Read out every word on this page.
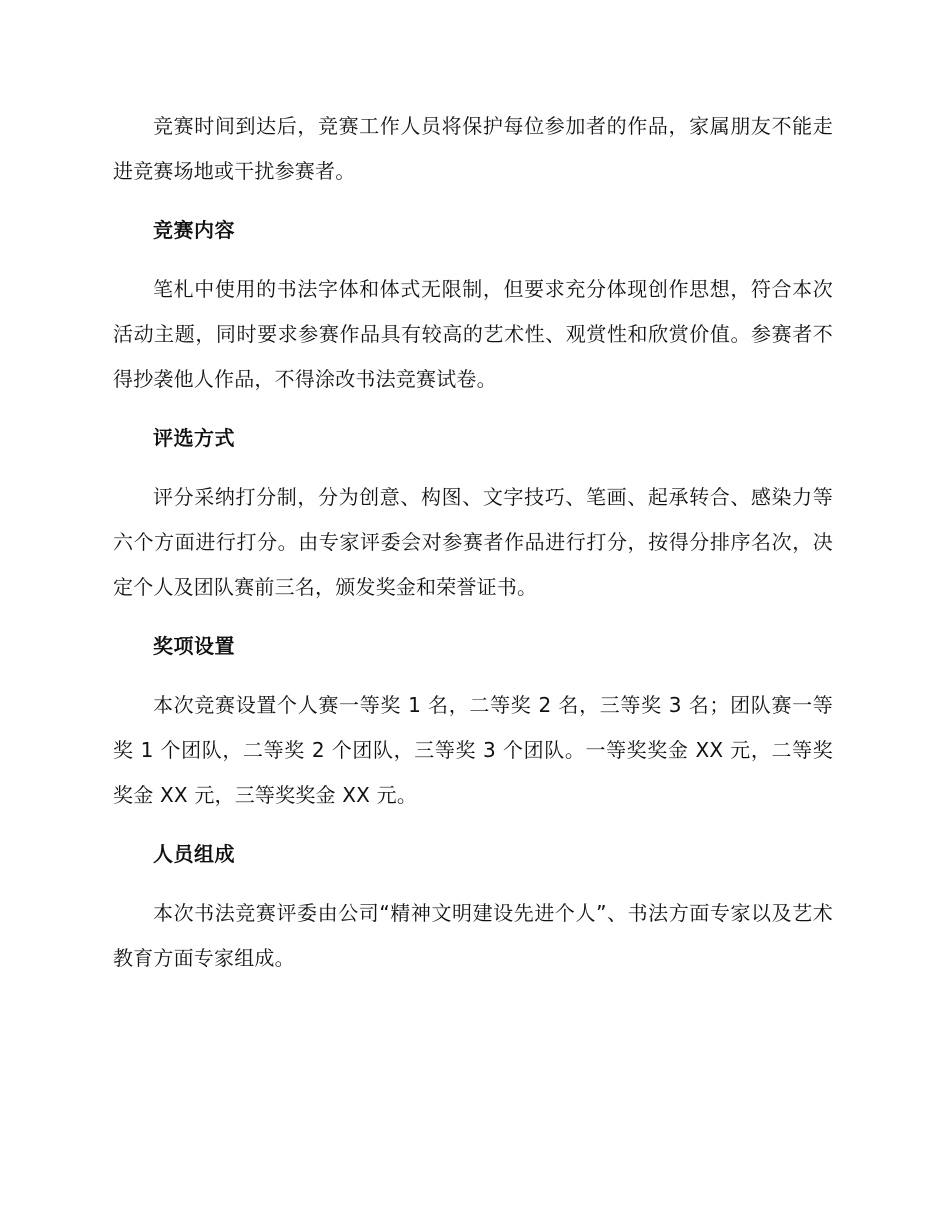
竞赛时间到达后，竞赛工作人员将保护每位参加者的作品，家属朋友不能走进竞赛场地或干扰参赛者。

竞赛内容

笔札中使用的书法字体和体式无限制，但要求充分体现创作思想，符合本次活动主题，同时要求参赛作品具有较高的艺术性、观赏性和欣赏价值。参赛者不得抄袭他人作品，不得涂改书法竞赛试卷。

评选方式

评分采纳打分制，分为创意、构图、文字技巧、笔画、起承转合、感染力等六个方面进行打分。由专家评委会对参赛者作品进行打分，按得分排序名次，决定个人及团队赛前三名，颁发奖金和荣誉证书。

奖项设置

本次竞赛设置个人赛一等奖 1 名，二等奖 2 名，三等奖 3 名；团队赛一等奖 1 个团队，二等奖 2 个团队，三等奖 3 个团队。一等奖奖金 XX 元，二等奖奖金 XX 元，三等奖奖金 XX 元。

人员组成

本次书法竞赛评委由公司“精神文明建设先进个人”、书法方面专家以及艺术教育方面专家组成。
